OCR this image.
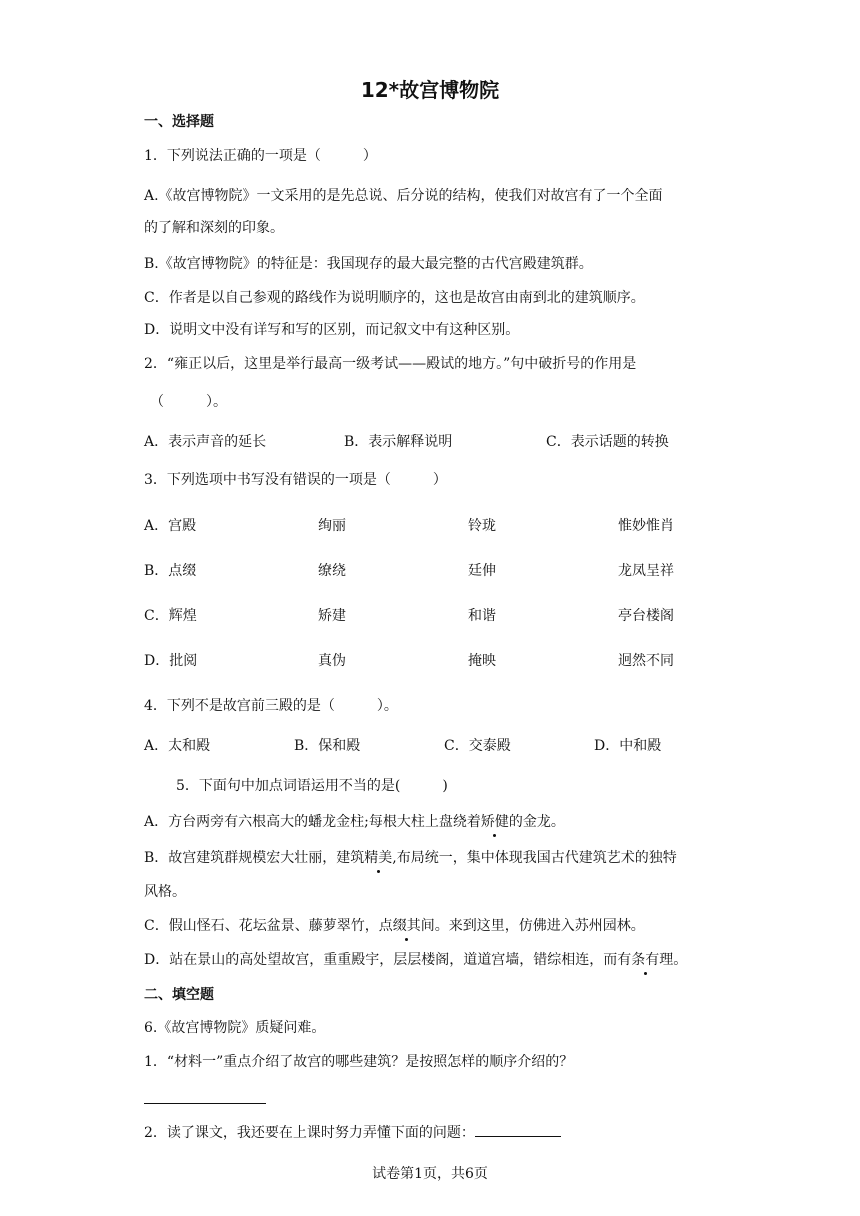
12*故宫博物院
一、选择题
1．下列说法正确的一项是（　　　）
A.《故宫博物院》一文采用的是先总说、后分说的结构，使我们对故宫有了一个全面
的了解和深刻的印象。
B.《故宫博物院》的特征是：我国现存的最大最完整的古代宫殿建筑群。
C．作者是以自己参观的路线作为说明顺序的，这也是故宫由南到北的建筑顺序。
D．说明文中没有详写和写的区别，而记叙文中有这种区别。
2．“雍正以后，这里是举行最高一级考试——殿试的地方。”句中破折号的作用是
（　　　）。
A．表示声音的延长	B．表示解释说明	C．表示话题的转换
3．下列选项中书写没有错误的一项是（　　　）
A．宫殿	绚丽	铃珑	惟妙惟肖
B．点缀	缭绕	廷伸	龙凤呈祥
C．辉煌	矫建	和谐	亭台楼阁
D．批阅	真伪	掩映	迥然不同
4．下列不是故宫前三殿的是（　　　）。
A．太和殿	B．保和殿	C．交泰殿	D．中和殿
5．下面句中加点词语运用不当的是(　　　)
A．方台两旁有六根高大的蟠龙金柱;每根大柱上盘绕着矫健的金龙。
B．故宫建筑群规模宏大壮丽，建筑精美,布局统一，集中体现我国古代建筑艺术的独特
风格。
C．假山怪石、花坛盆景、藤萝翠竹，点缀其间。来到这里，仿佛进入苏州园林。
D．站在景山的高处望故宫，重重殿宇，层层楼阁，道道宫墙，错综相连，而有条有理。
二、填空题
6.《故宫博物院》质疑问难。
1．“材料一”重点介绍了故宫的哪些建筑？是按照怎样的顺序介绍的？
2．读了课文，我还要在上课时努力弄懂下面的问题：
试卷第1页，共6页
